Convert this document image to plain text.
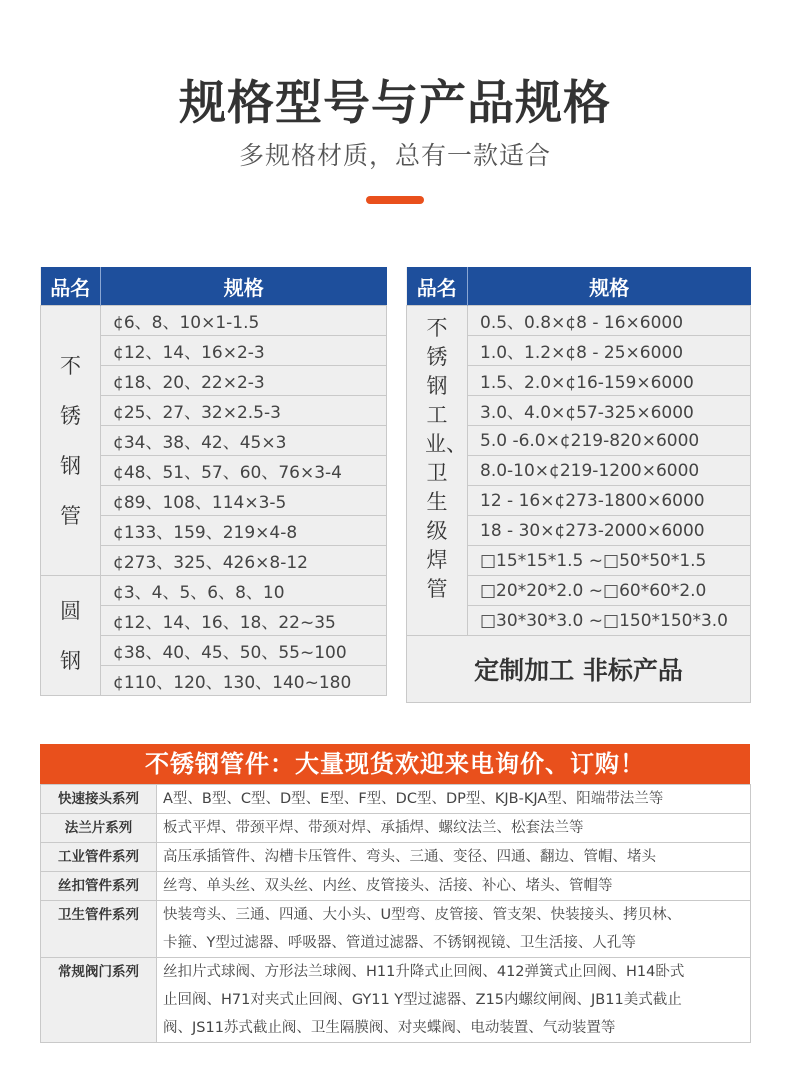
规格型号与产品规格
多规格材质，总有一款适合
品名	规格

不锈钢管	¢6、8、10×1-1.5
	¢12、14、16×2-3
	¢18、20、22×2-3
	¢25、27、32×2.5-3
	¢34、38、42、45×3
	¢48、51、57、60、76×3-4
	¢89、108、114×3-5
	¢133、159、219×4-8
	¢273、325、426×8-12

圆钢	¢3、4、5、6、8、10
	¢12、14、16、18、22~35
	¢38、40、45、50、55~100
	¢110、120、130、140~180
品名	规格

不锈钢工业、卫生级焊管	0.5、0.8×¢8 - 16×6000
	1.0、1.2×¢8 - 25×6000
	1.5、2.0×¢16-159×6000
	3.0、4.0×¢57-325×6000
	5.0 -6.0×¢219-820×6000
	8.0-10×¢219-1200×6000
	12 - 16×¢273-1800×6000
	18 - 30×¢273-2000×6000
	□15*15*1.5 ~□50*50*1.5
	□20*20*2.0 ~□60*60*2.0
	□30*30*3.0 ~□150*150*3.0
定制加工 非标产品	
不锈钢管件：大量现货欢迎来电询价、订购！
快速接头系列	A型、B型、C型、D型、E型、F型、DC型、DP型、KJB-KJA型、阳端带法兰等

法兰片系列	板式平焊、带颈平焊、带颈对焊、承插焊、螺纹法兰、松套法兰等

工业管件系列	高压承插管件、沟槽卡压管件、弯头、三通、变径、四通、翻边、管帽、堵头

丝扣管件系列	丝弯、单头丝、双头丝、内丝、皮管接头、活接、补心、堵头、管帽等

卫生管件系列	快装弯头、三通、四通、大小头、U型弯、皮管接、管支架、快装接头、拷贝林、
卡箍、Y型过滤器、呼吸器、管道过滤器、不锈钢视镜、卫生活接、人孔等

常规阀门系列	丝扣片式球阀、方形法兰球阀、H11升降式止回阀、412弹簧式止回阀、H14卧式
止回阀、H71对夹式止回阀、GY11 Y型过滤器、Z15内螺纹闸阀、JB11美式截止
阀、JS11苏式截止阀、卫生隔膜阀、对夹蝶阀、电动装置、气动装置等
